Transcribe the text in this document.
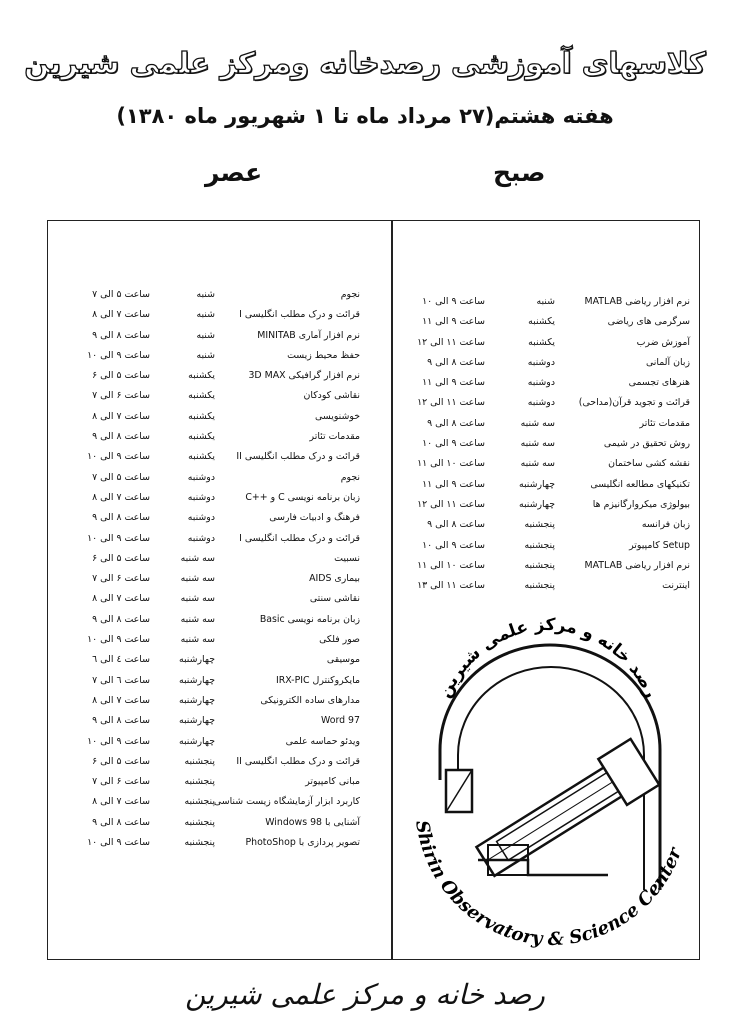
کلاسهای آموزشی رصدخانه ومرکز علمی شیرین
هفته هشتم(۲۷ مرداد ماه تا ۱ شهریور ماه ۱۳۸۰)
صبح
عصر
نجوم
شنبه
ساعت ۵ الی ۷
قرائت و درک مطلب انگلیسی I
شنبه
ساعت ۷ الی ۸
نرم افزار آماری MINITAB
شنبه
ساعت ۸ الی ۹
حفظ محیط زیست
شنبه
ساعت ۹ الی ۱۰
نرم افزار گرافیکی 3D MAX
یکشنبه
ساعت ۵ الی ۶
نقاشی کودکان
یکشنبه
ساعت ۶ الی ۷
خوشنویسی
یکشنبه
ساعت ۷ الی ۸
مقدمات تئاتر
یکشنبه
ساعت ۸ الی ۹
قرائت و درک مطلب انگلیسی II
یکشنبه
ساعت ۹ الی ۱۰
نجوم
دوشنبه
ساعت ۵ الی ۷
زبان برنامه نویسی C و ++C
دوشنبه
ساعت ۷ الی ۸
فرهنگ و ادبیات فارسی
دوشنبه
ساعت ۸ الی ۹
قرائت و درک مطلب انگلیسی I
دوشنبه
ساعت ۹ الی ۱۰
نسبیت
سه شنبه
ساعت ۵ الی ۶
بیماری AIDS
سه شنبه
ساعت ۶ الی ۷
نقاشی سنتی
سه شنبه
ساعت ۷ الی ۸
زبان برنامه نویسی Basic
سه شنبه
ساعت ۸ الی ۹
صور فلکی
سه شنبه
ساعت ۹ الی ۱۰
موسیقی
چهارشنبه
ساعت ٤ الی ٦
مایکروکنترل IRX-PIC
چهارشنبه
ساعت ٦ الی ٧
مدارهای ساده الکترونیکی
چهارشنبه
ساعت ۷ الی ۸
Word 97
چهارشنبه
ساعت ۸ الی ۹
ویدئو حماسه علمی
چهارشنبه
ساعت ۹ الی ۱۰
قرائت و درک مطلب انگلیسی II
پنجشنبه
ساعت ۵ الی ۶
مبانی کامپیوتر
پنجشنبه
ساعت ۶ الی ۷
کاربرد ابزار آزمایشگاه زیست شناسی
پنجشنبه
ساعت ۷ الی ۸
آشنایی با Windows 98
پنجشنبه
ساعت ۸ الی ۹
تصویر پردازی با PhotoShop
پنجشنبه
ساعت ۹ الی ۱۰
نرم افزار ریاضی MATLAB
شنبه
ساعت ۹ الی ۱۰
سرگرمی های ریاضی
یکشنبه
ساعت ۹ الی ۱۱
آموزش ضرب
یکشنبه
ساعت ۱۱ الی ۱۲
زبان آلمانی
دوشنبه
ساعت ۸ الی ۹
هنرهای تجسمی
دوشنبه
ساعت ۹ الی ۱۱
قرائت و تجوید قرآن(مداحی)
دوشنبه
ساعت ۱۱ الی ۱۲
مقدمات تئاتر
سه شنبه
ساعت ۸ الی ۹
روش تحقیق در شیمی
سه شنبه
ساعت ۹ الی ۱۰
نقشه کشی ساختمان
سه شنبه
ساعت ۱۰ الی ۱۱
تکنیکهای مطالعه انگلیسی
چهارشنبه
ساعت ۹ الی ۱۱
بیولوژی میکروارگانیزم ها
چهارشنبه
ساعت ۱۱ الی ۱۲
زبان فرانسه
پنجشنبه
ساعت ۸ الی ۹
Setup کامپیوتر
پنجشنبه
ساعت ۹ الی ۱۰
نرم افزار ریاضی MATLAB
پنجشنبه
ساعت ۱۰ الی ۱۱
اینترنت
پنجشنبه
ساعت ۱۱ الی ۱۳
رصد خانه و مرکز علمی شیرین
Shirin Observatory & Science Center
رصد خانه و مرکز علمی شیرین
